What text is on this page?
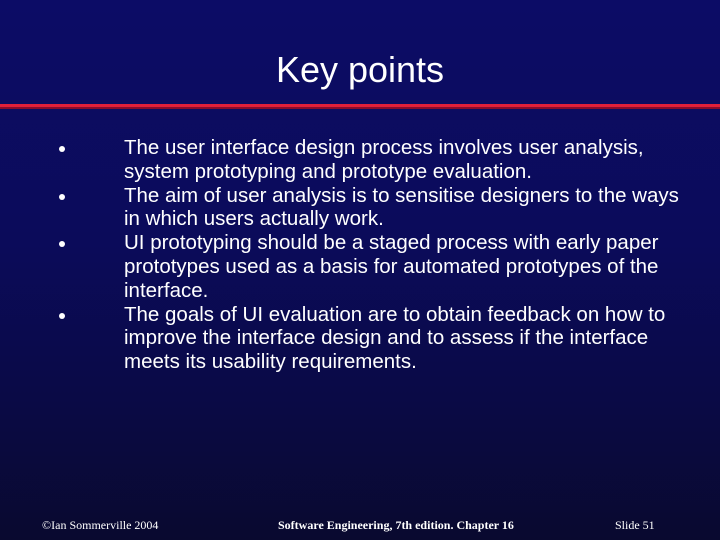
Key points
The user interface design process involves user analysis, system prototyping and prototype evaluation.
The aim of user analysis is to sensitise designers to the ways in which users actually work.
UI prototyping should be a staged process with early paper prototypes used as a basis for automated prototypes of the interface.
The goals of UI evaluation are to obtain feedback on how to improve the interface design and to assess if the interface meets its usability requirements.
©Ian Sommerville 2004	Software Engineering, 7th edition. Chapter 16	Slide 51
